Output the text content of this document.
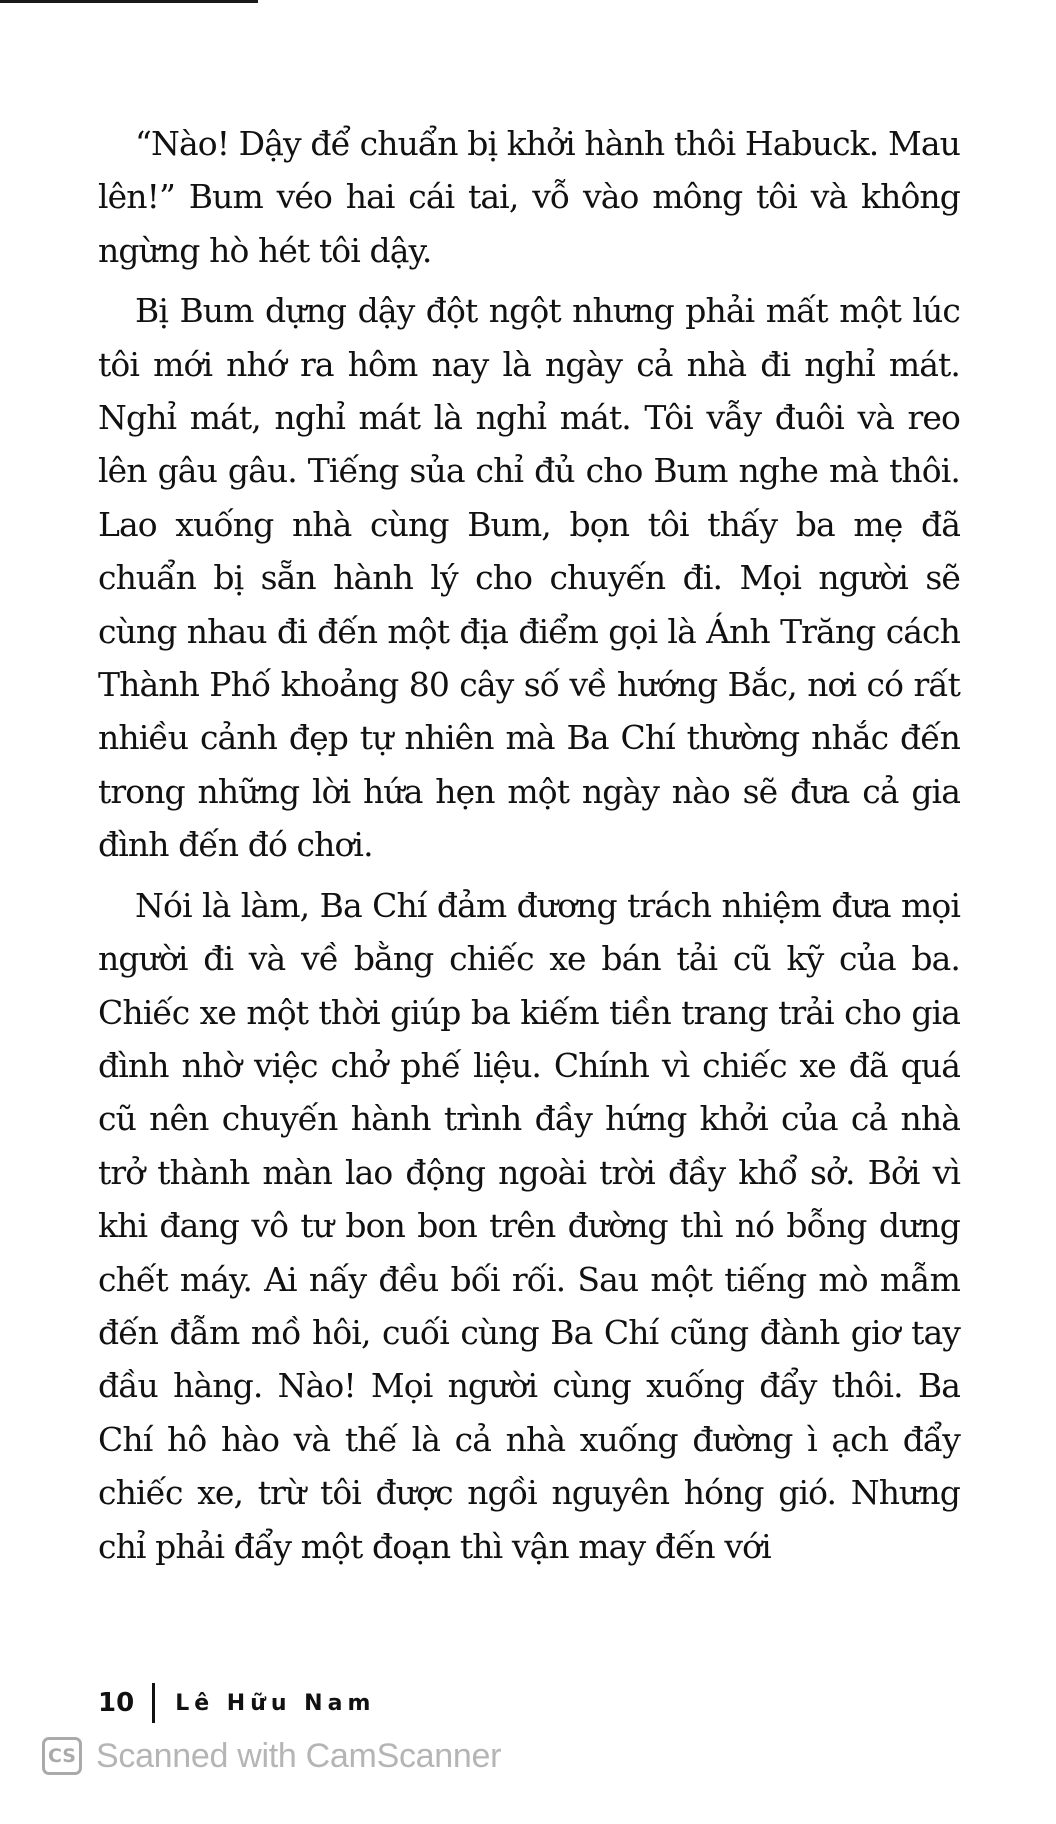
“Nào! Dậy để chuẩn bị khởi hành thôi Habuck. Mau lên!” Bum véo hai cái tai, vỗ vào mông tôi và không ngừng hò hét tôi dậy.

Bị Bum dựng dậy đột ngột nhưng phải mất một lúc tôi mới nhớ ra hôm nay là ngày cả nhà đi nghỉ mát. Nghỉ mát, nghỉ mát là nghỉ mát. Tôi vẫy đuôi và reo lên gâu gâu. Tiếng sủa chỉ đủ cho Bum nghe mà thôi. Lao xuống nhà cùng Bum, bọn tôi thấy ba mẹ đã chuẩn bị sẵn hành lý cho chuyến đi. Mọi người sẽ cùng nhau đi đến một địa điểm gọi là Ánh Trăng cách Thành Phố khoảng 80 cây số về hướng Bắc, nơi có rất nhiều cảnh đẹp tự nhiên mà Ba Chí thường nhắc đến trong những lời hứa hẹn một ngày nào sẽ đưa cả gia đình đến đó chơi.

Nói là làm, Ba Chí đảm đương trách nhiệm đưa mọi người đi và về bằng chiếc xe bán tải cũ kỹ của ba. Chiếc xe một thời giúp ba kiếm tiền trang trải cho gia đình nhờ việc chở phế liệu. Chính vì chiếc xe đã quá cũ nên chuyến hành trình đầy hứng khởi của cả nhà trở thành màn lao động ngoài trời đầy khổ sở. Bởi vì khi đang vô tư bon bon trên đường thì nó bỗng dưng chết máy. Ai nấy đều bối rối. Sau một tiếng mò mẫm đến đẫm mồ hôi, cuối cùng Ba Chí cũng đành giơ tay đầu hàng. Nào! Mọi người cùng xuống đẩy thôi. Ba Chí hô hào và thế là cả nhà xuống đường ì ạch đẩy chiếc xe, trừ tôi được ngồi nguyên hóng gió. Nhưng chỉ phải đẩy một đoạn thì vận may đến với

10 Lê Hữu Nam
CS Scanned with CamScanner
